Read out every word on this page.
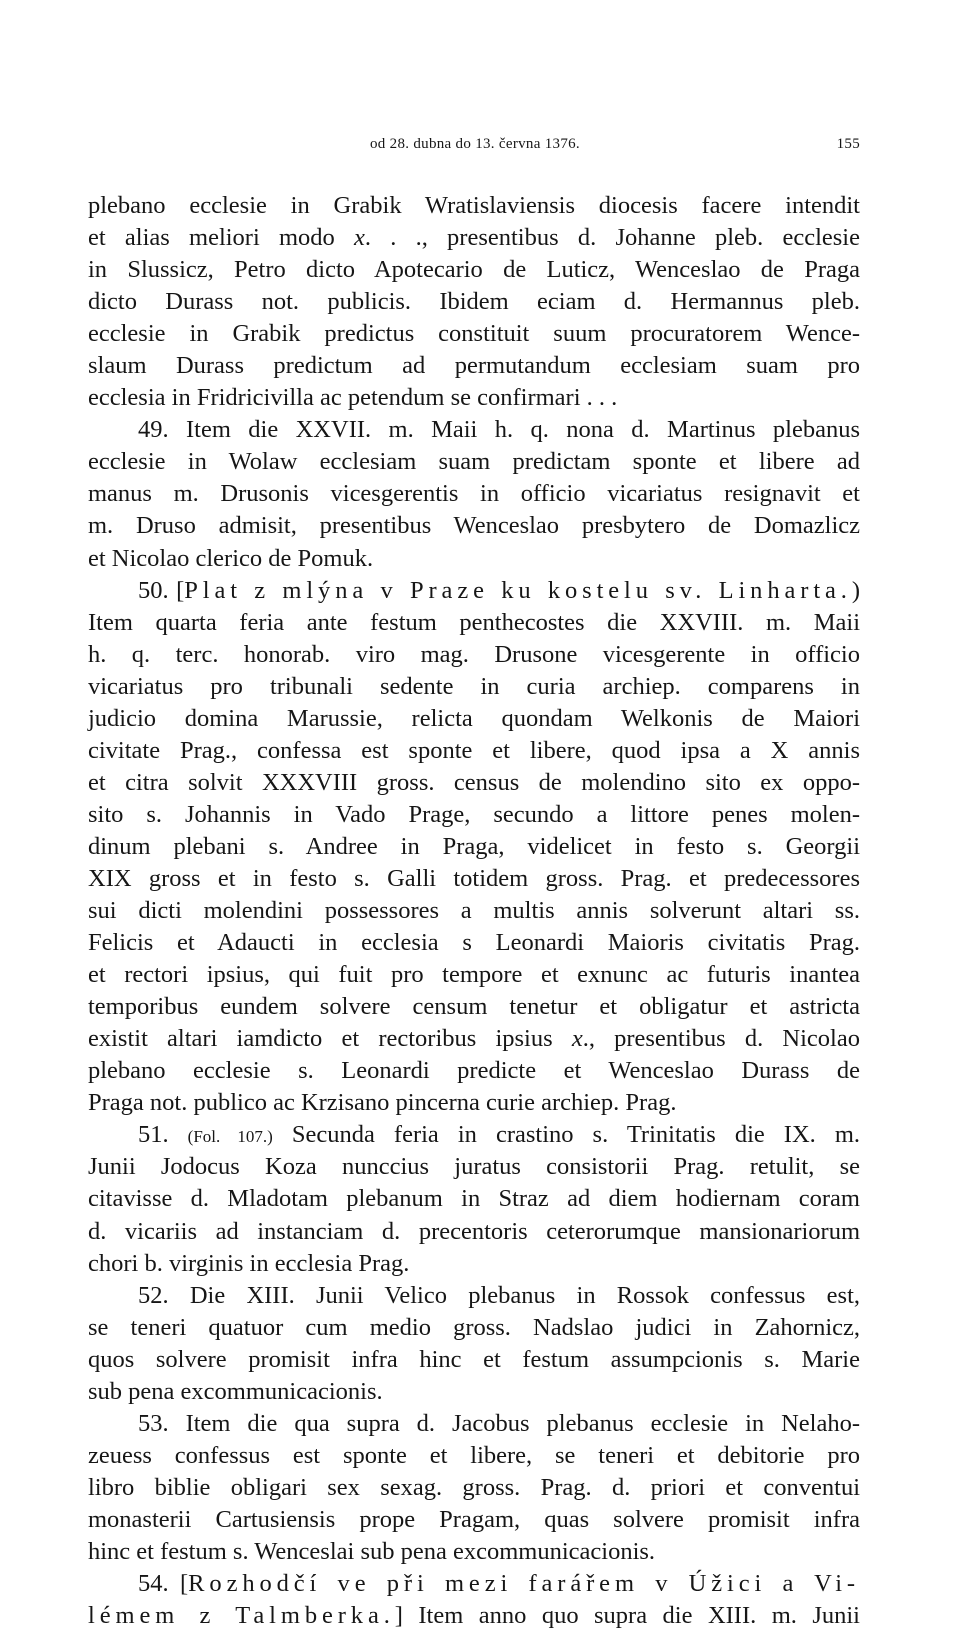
od 28. dubna do 13. června 1376.	155
plebano ecclesie in Grabik Wratislaviensis diocesis facere intendit
et alias meliori modo x. . ., presentibus d. Johanne pleb. ecclesie
in Slussicz, Petro dicto Apotecario de Luticz, Wenceslao de Praga
dicto Durass not. publicis. Ibidem eciam d. Hermannus pleb.
ecclesie in Grabik predictus constituit suum procuratorem Wence-
slaum Durass predictum ad permutandum ecclesiam suam pro
ecclesia in Fridricivilla ac petendum se confirmari . . .
49. Item die XXVII. m. Maii h. q. nona d. Martinus plebanus
ecclesie in Wolaw ecclesiam suam predictam sponte et libere ad
manus m. Drusonis vicesgerentis in officio vicariatus resignavit et
m. Druso admisit, presentibus Wenceslao presbytero de Domazlicz
et Nicolao clerico de Pomuk.
50. [Plat z mlýna v Praze ku kostelu sv. Linharta.)
Item quarta feria ante festum penthecostes die XXVIII. m. Maii
h. q. terc. honorab. viro mag. Drusone vicesgerente in officio
vicariatus pro tribunali sedente in curia archiep. comparens in
judicio domina Marussie, relicta quondam Welkonis de Maiori
civitate Prag., confessa est sponte et libere, quod ipsa a X annis
et citra solvit XXXVIII gross. census de molendino sito ex oppo-
sito s. Johannis in Vado Prage, secundo a littore penes molen-
dinum plebani s. Andree in Praga, videlicet in festo s. Georgii
XIX gross et in festo s. Galli totidem gross. Prag. et predecessores
sui dicti molendini possessores a multis annis solverunt altari ss.
Felicis et Adaucti in ecclesia s Leonardi Maioris civitatis Prag.
et rectori ipsius, qui fuit pro tempore et exnunc ac futuris inantea
temporibus eundem solvere censum tenetur et obligatur et astricta
existit altari iamdicto et rectoribus ipsius x., presentibus d. Nicolao
plebano ecclesie s. Leonardi predicte et Wenceslao Durass de
Praga not. publico ac Krzisano pincerna curie archiep. Prag.
51. (Fol. 107.) Secunda feria in crastino s. Trinitatis die IX. m.
Junii Jodocus Koza nunccius juratus consistorii Prag. retulit, se
citavisse d. Mladotam plebanum in Straz ad diem hodiernam coram
d. vicariis ad instanciam d. precentoris ceterorumque mansionariorum
chori b. virginis in ecclesia Prag.
52. Die XIII. Junii Velico plebanus in Rossok confessus est,
se teneri quatuor cum medio gross. Nadslao judici in Zahornicz,
quos solvere promisit infra hinc et festum assumpcionis s. Marie
sub pena excommunicacionis.
53. Item die qua supra d. Jacobus plebanus ecclesie in Nelaho-
zeuess confessus est sponte et libere, se teneri et debitorie pro
libro biblie obligari sex sexag. gross. Prag. d. priori et conventui
monasterii Cartusiensis prope Pragam, quas solvere promisit infra
hinc et festum s. Wenceslai sub pena excommunicacionis.
54. [Rozhodčí ve při mezi farářem v Úžici a Vi-
lémem z Talmberka.] Item anno quo supra die XIII. m. Junii
